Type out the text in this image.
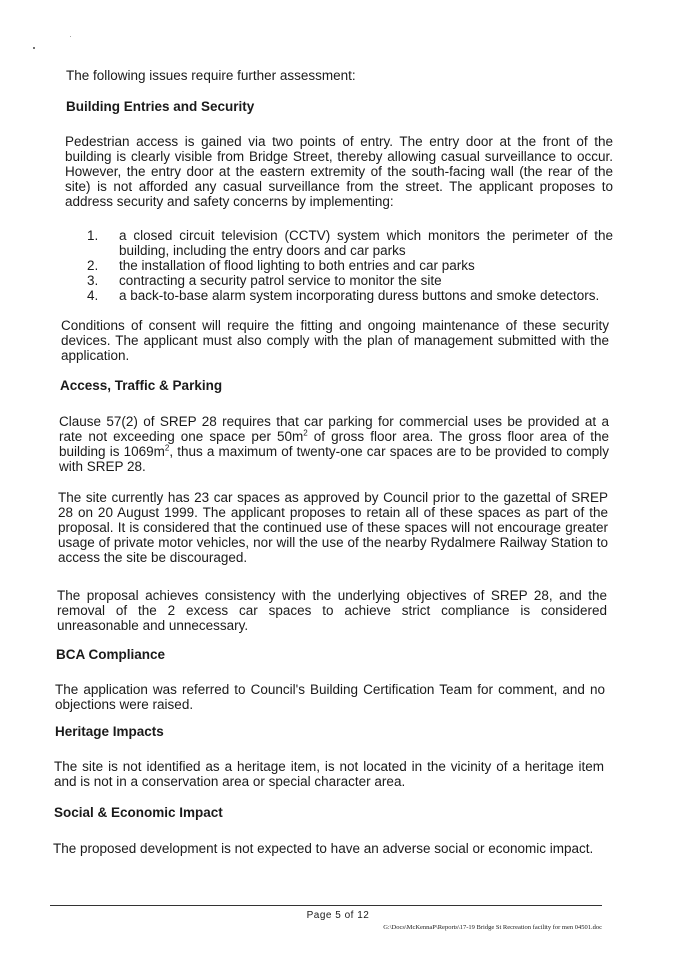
The following issues require further assessment:

Building Entries and Security

Pedestrian access is gained via two points of entry. The entry door at the front of the building is clearly visible from Bridge Street, thereby allowing casual surveillance to occur. However, the entry door at the eastern extremity of the south-facing wall (the rear of the site) is not afforded any casual surveillance from the street. The applicant proposes to address security and safety concerns by implementing:

1. a closed circuit television (CCTV) system which monitors the perimeter of the building, including the entry doors and car parks
2. the installation of flood lighting to both entries and car parks
3. contracting a security patrol service to monitor the site
4. a back-to-base alarm system incorporating duress buttons and smoke detectors.

Conditions of consent will require the fitting and ongoing maintenance of these security devices. The applicant must also comply with the plan of management submitted with the application.

Access, Traffic & Parking

Clause 57(2) of SREP 28 requires that car parking for commercial uses be provided at a rate not exceeding one space per $50m^2$ of gross floor area. The gross floor area of the building is $1069m^2$, thus a maximum of twenty-one car spaces are to be provided to comply with SREP 28.

The site currently has 23 car spaces as approved by Council prior to the gazettal of SREP 28 on 20 August 1999. The applicant proposes to retain all of these spaces as part of the proposal. It is considered that the continued use of these spaces will not encourage greater usage of private motor vehicles, nor will the use of the nearby Rydalmere Railway Station to access the site be discouraged.

The proposal achieves consistency with the underlying objectives of SREP 28, and the removal of the 2 excess car spaces to achieve strict compliance is considered unreasonable and unnecessary.

BCA Compliance

The application was referred to Council's Building Certification Team for comment, and no objections were raised.

Heritage Impacts

The site is not identified as a heritage item, is not located in the vicinity of a heritage item and is not in a conservation area or special character area.

Social & Economic Impact

The proposed development is not expected to have an adverse social or economic impact.

Page 5 of 12
G:\Docs\McKennaP\Reports\17-19 Bridge St Recreation facility for men 04501.doc
